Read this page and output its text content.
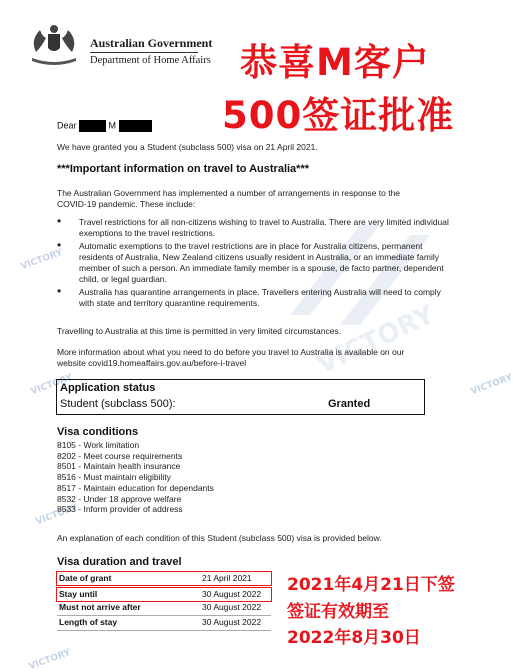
Australian Government
Department of Home Affairs 恭喜M客户
500签证批准
VICTORY
VICTORY
VICTORY	VICTORY
VICTORY
VICTORY
Dear	M
We have granted you a Student (subclass 500) visa on 21 April 2021.
***Important information on travel to Australia***
The Australian Government has implemented a number of arrangements in response to the
COVID-19 pandemic. These include:
• Travel restrictions for all non-citizens wishing to travel to Australia. There are very limited individual exemptions to the travel restrictions.
• Automatic exemptions to the travel restrictions are in place for Australia citizens, permanent residents of Australia, New Zealand citizens usually resident in Australia, or an immediate family member of such a person. An immediate family member is a spouse, de facto partner, dependent child, or legal guardian.
• Australia has quarantine arrangements in place. Travellers entering Australia will need to comply with state and territory quarantine requirements.
Travelling to Australia at this time is permitted in very limited circumstances.
More information about what you need to do before you travel to Australia is available on our
website covid19.homeaffairs.gov.au/before-i-travel
Application status
Student (subclass 500):	Granted
Visa conditions
8105 - Work limitation
8202 - Meet course requirements
8501 - Maintain health insurance
8516 - Must maintain eligibility
8517 - Maintain education for dependants
8532 - Under 18 approve welfare
8533 - Inform provider of address
An explanation of each condition of this Student (subclass 500) visa is provided below.
Visa duration and travel
Date of grant	21 April 2021
Stay until	30 August 2022
Must not arrive after	30 August 2022
Length of stay	30 August 2022
2021年4月21日下签
签证有效期至
2022年8月30日
